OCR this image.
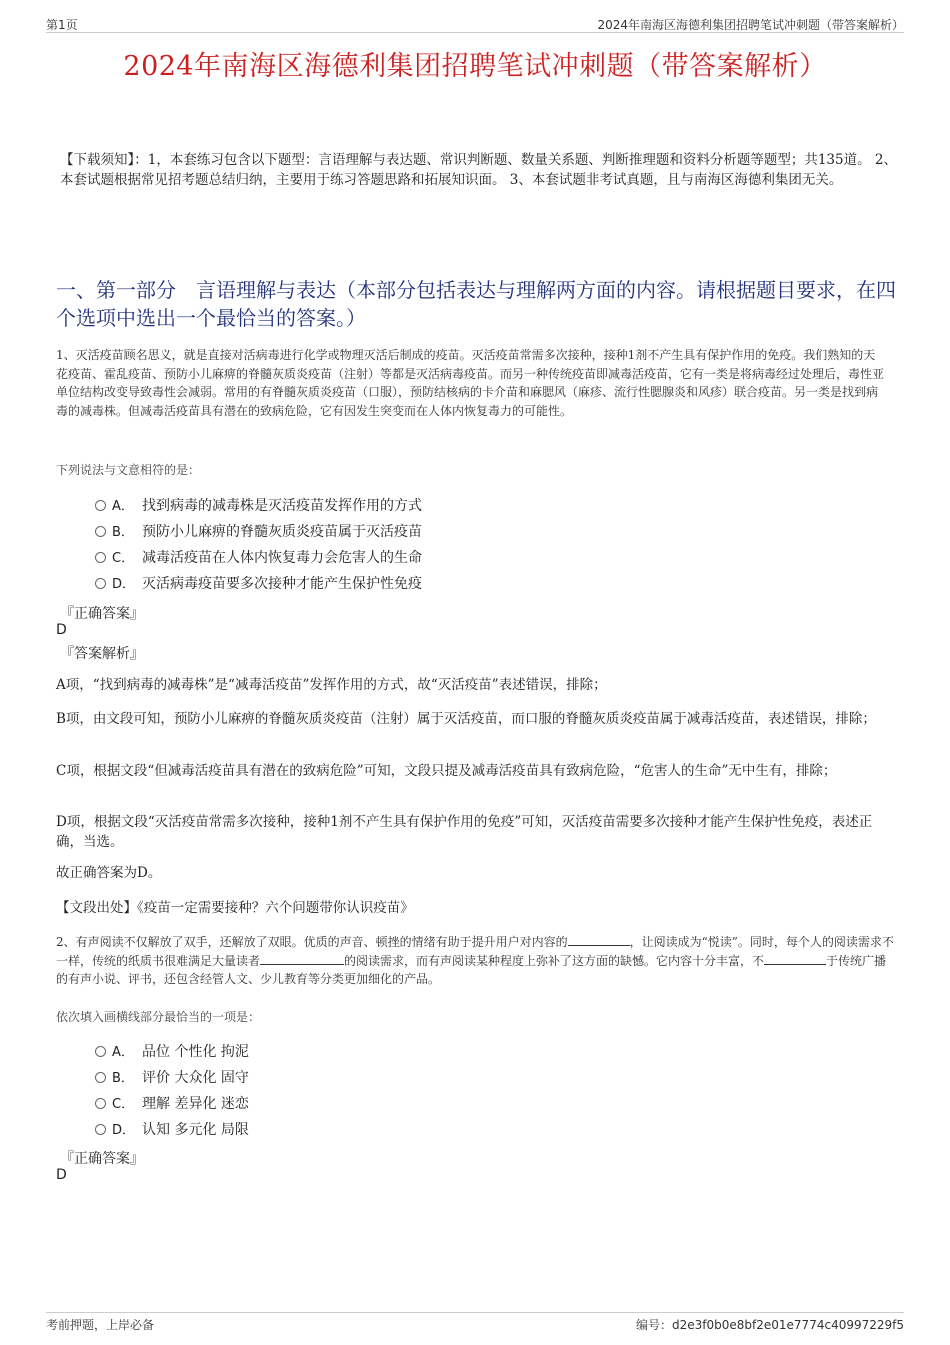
第1页	2024年南海区海德利集团招聘笔试冲刺题（带答案解析）
2024年南海区海德利集团招聘笔试冲刺题（带答案解析）
【下载须知】：1，本套练习包含以下题型：言语理解与表达题、常识判断题、数量关系题、判断推理题和资料分析题等题型；共135道。 2、本套试题根据常见招考题总结归纳，主要用于练习答题思路和拓展知识面。 3、本套试题非考试真题，且与南海区海德利集团无关。
一、第一部分　言语理解与表达（本部分包括表达与理解两方面的内容。请根据题目要求，在四个选项中选出一个最恰当的答案。）
1、灭活疫苗顾名思义，就是直接对活病毒进行化学或物理灭活后制成的疫苗。灭活疫苗常需多次接种，接种1剂不产生具有保护作用的免疫。我们熟知的天花疫苗、霍乱疫苗、预防小儿麻痹的脊髓灰质炎疫苗（注射）等都是灭活病毒疫苗。而另一种传统疫苗即减毒活疫苗，它有一类是将病毒经过处理后，毒性亚单位结构改变导致毒性会减弱。常用的有脊髓灰质炎疫苗（口服），预防结核病的卡介苗和麻腮风（麻疹、流行性腮腺炎和风疹）联合疫苗。另一类是找到病毒的减毒株。但减毒活疫苗具有潜在的致病危险，它有因发生突变而在人体内恢复毒力的可能性。
下列说法与文意相符的是：
A． 找到病毒的减毒株是灭活疫苗发挥作用的方式
B． 预防小儿麻痹的脊髓灰质炎疫苗属于灭活疫苗
C． 减毒活疫苗在人体内恢复毒力会危害人的生命
D． 灭活病毒疫苗要多次接种才能产生保护性免疫
『正确答案』
D
『答案解析』
A项，“找到病毒的减毒株”是“减毒活疫苗”发挥作用的方式，故“灭活疫苗”表述错误，排除；
B项，由文段可知，预防小儿麻痹的脊髓灰质炎疫苗（注射）属于灭活疫苗，而口服的脊髓灰质炎疫苗属于减毒活疫苗，表述错误，排除；
C项，根据文段“但减毒活疫苗具有潜在的致病危险”可知，文段只提及减毒活疫苗具有致病危险，“危害人的生命”无中生有，排除；
D项，根据文段“灭活疫苗常需多次接种，接种1剂不产生具有保护作用的免疫”可知，灭活疫苗需要多次接种才能产生保护性免疫，表述正确，当选。
故正确答案为D。
【文段出处】《疫苗一定需要接种？六个问题带你认识疫苗》
2、有声阅读不仅解放了双手，还解放了双眼。优质的声音、顿挫的情绪有助于提升用户对内容的	，让阅读成为“悦读”。同时，每个人的阅读需求不一样，传统的纸质书很难满足大量读者	的阅读需求，而有声阅读某种程度上弥补了这方面的缺憾。它内容十分丰富，不	于传统广播的有声小说、评书，还包含经管人文、少儿教育等分类更加细化的产品。
依次填入画横线部分最恰当的一项是：
A． 品位 个性化 拘泥
B． 评价 大众化 固守
C． 理解 差异化 迷恋
D． 认知 多元化 局限
『正确答案』
D
考前押题，上岸必备	编号：d2e3f0b0e8bf2e01e7774c40997229f5
